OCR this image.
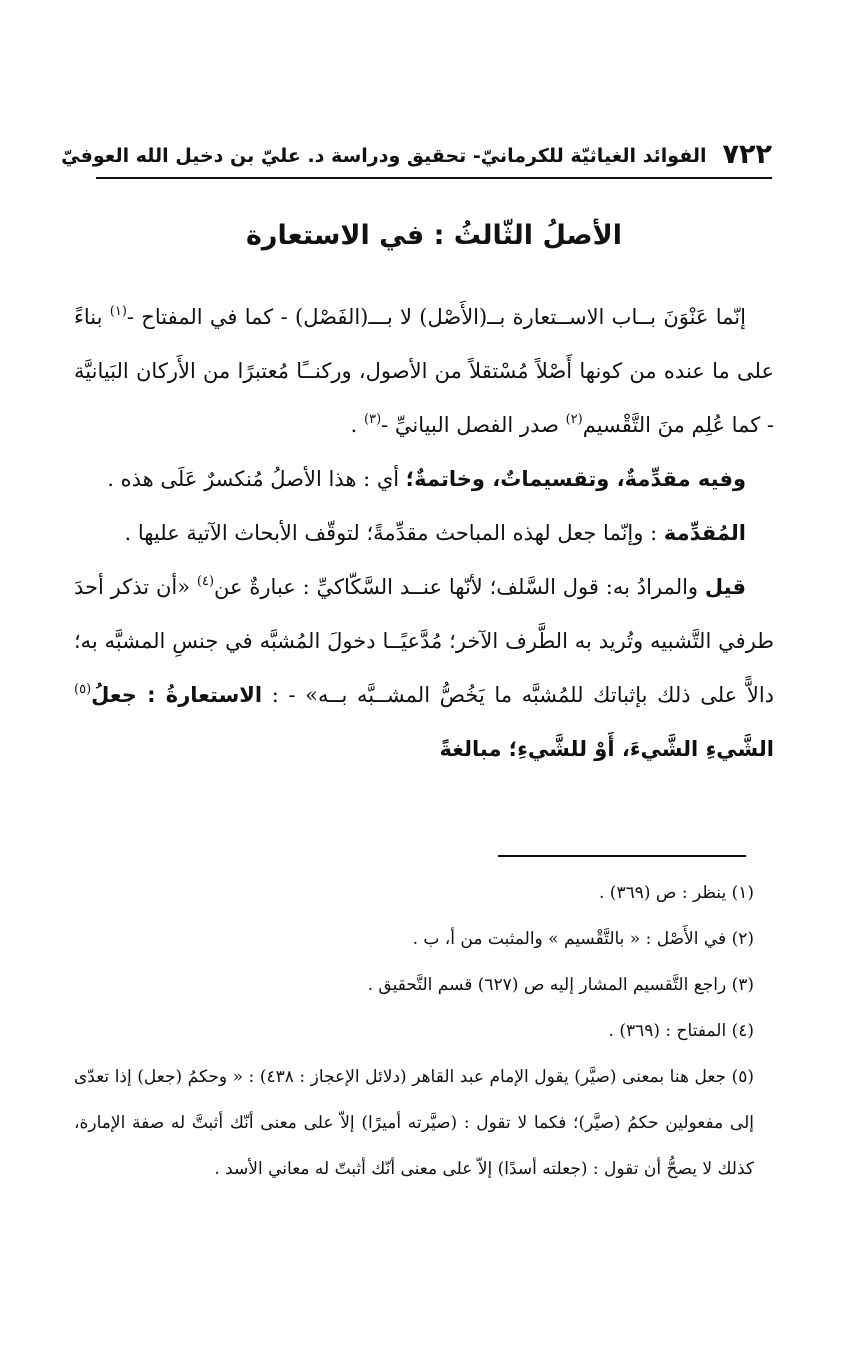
٧٢٢
الفوائد الغياثيّة للكرمانيّ- تحقيق ودراسة د. عليّ بن دخيل الله العوفيّ
الأصلُ الثّالثُ : في الاستعارة

إنّما عَنْوَنَ بــاب الاســتعارة بــ(الأَصْل) لا بـــ(الفَصْل) - كما في المفتاح -$^{(١)}$ بناءً على ما عنده من كونها أَصْلاً مُسْتقلاً من الأصول، وركنــًا مُعتبرًا من الأَركان البَيانيَّة - كما عُلِم منَ التَّقْسيم$^{(٢)}$ صدر الفصل البيانيِّ -$^{(٣)}$ .

وفيه مقدِّمةٌ، وتقسيماتٌ، وخاتمةٌ؛ أي : هذا الأصلُ مُنكسرٌ عَلَى هذه .

المُقدِّمة : وإنّما جعل لهذه المباحث مقدِّمةً؛ لتوقّف الأبحاث الآتية عليها .

قيل والمرادُ به: قول السَّلف؛ لأنّها عنــد السَّكّاكيِّ : عبارةٌ عن$^{(٤)}$ «أن تذكر أحدَ طرفي التَّشبيه وتُريد به الطَّرف الآخر؛ مُدَّعيًــا دخولَ المُشبَّه في جنسِ المشبَّه به؛ دالاًّ على ذلك بإثباتك للمُشبَّه ما يَخُصُّ المشــبَّه بــه» - : الاستعارةُ : جعلُ$^{(٥)}$ الشَّيءِ الشَّيءَ، أَوْ للشَّيءِ؛ مبالغةً

(١) ينظر : ص (٣٦٩) .

(٢) في الأَصْل : « بالتَّقْسيم » والمثبت من أ، ب .

(٣) راجع التَّقسيم المشار إليه ص (٦٢٧) قسم التَّحقيق .

(٤) المفتاح : (٣٦٩) .

(٥) جعل هنا بمعنى (صيَّر) يقول الإمام عبد القاهر (دلائل الإعجاز : ٤٣٨) : « وحكمُ (جعل) إذا تعدّى إلى مفعولين حكمُ (صيَّر)؛ فكما لا تقول : (صيَّرته أميرًا) إلاّ على معنى أنّك أثبتَّ له صفة الإمارة، كذلك لا يصحُّ أن تقول : (جعلته أسدًا) إلاّ على معنى أنّك أثبتّ له معاني الأسد .
